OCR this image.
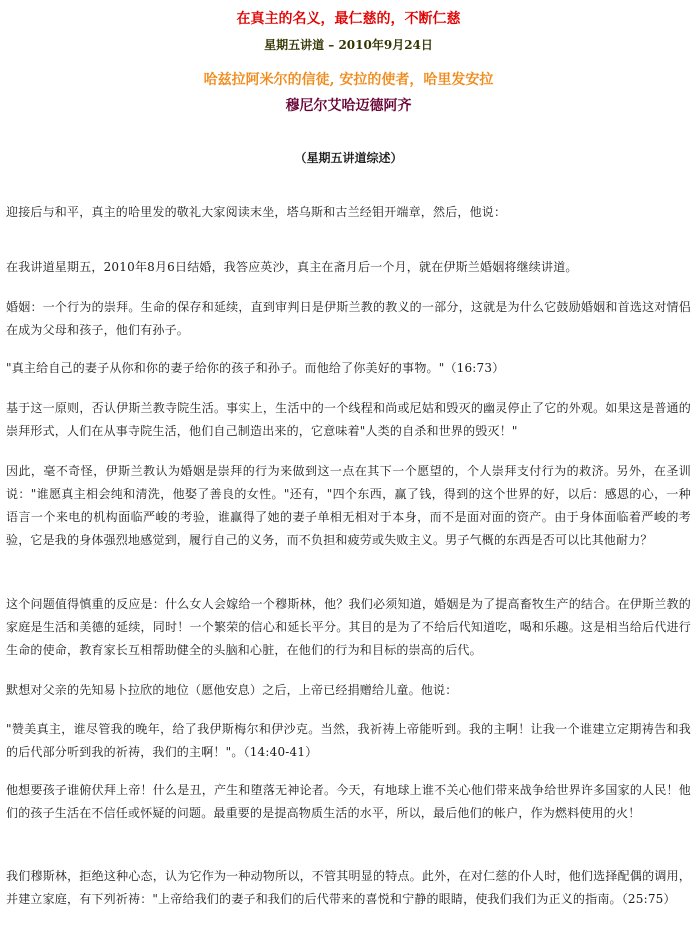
在真主的名义，最仁慈的，不断仁慈
星期五讲道 – 2010年9月24日
哈兹拉阿米尔的信徒, 安拉的使者，哈里发安拉
穆尼尔艾哈迈德阿齐
（星期五讲道综述）

迎接后与和平，真主的哈里发的敬礼大家阅读末坐，塔乌斯和古兰经钼开端章，然后，他说：

在我讲道星期五，2010年8月6日结婚，我答应英沙，真主在斋月后一个月，就在伊斯兰婚姻将继续讲道。

婚姻：一个行为的崇拜。生命的保存和延续，直到审判日是伊斯兰教的教义的一部分，这就是为什么它鼓励婚姻和首选这对情侣在成为父母和孩子，他们有孙子。

"真主给自己的妻子从你和你的妻子给你的孩子和孙子。而他给了你美好的事物。"（16:73）

基于这一原则，否认伊斯兰教寺院生活。事实上，生活中的一个线程和尚或尼姑和毁灭的幽灵停止了它的外观。如果这是普通的崇拜形式，人们在从事寺院生活，他们自己制造出来的，它意味着"人类的自杀和世界的毁灭！"

因此，毫不奇怪，伊斯兰教认为婚姻是崇拜的行为来做到这一点在其下一个愿望的，个人崇拜支付行为的救济。另外，在圣训说："谁愿真主相会纯和清洗，他娶了善良的女性。"还有，"四个东西，赢了钱，得到的这个世界的好，以后：感恩的心，一种语言一个来电的机构面临严峻的考验，谁赢得了她的妻子单相无相对于本身，而不是面对面的资产。由于身体面临着严峻的考验，它是我的身体强烈地感觉到，履行自己的义务，而不负担和疲劳或失败主义。男子气概的东西是否可以比其他耐力？

这个问题值得慎重的反应是：什么女人会嫁给一个穆斯林，他？我们必须知道，婚姻是为了提高畜牧生产的结合。在伊斯兰教的家庭是生活和美德的延续，同时！一个繁荣的信心和延长平分。其目的是为了不给后代知道吃，喝和乐趣。这是相当给后代进行生命的使命，教育家长互相帮助健全的头脑和心脏，在他们的行为和目标的崇高的后代。

默想对父亲的先知易卜拉欣的地位（愿他安息）之后，上帝已经捐赠给儿童。他说：

"赞美真主，谁尽管我的晚年，给了我伊斯梅尔和伊沙克。当然，我祈祷上帝能听到。我的主啊！让我一个谁建立定期祷告和我的后代部分听到我的祈祷，我们的主啊！"。（14:40-41）

他想要孩子谁俯伏拜上帝！什么是丑，产生和堕落无神论者。今天，有地球上谁不关心他们带来战争给世界许多国家的人民！他们的孩子生活在不信任或怀疑的问题。最重要的是提高物质生活的水平，所以，最后他们的帐户，作为燃料使用的火！

我们穆斯林，拒绝这种心态，认为它作为一种动物所以，不管其明显的特点。此外，在对仁慈的仆人时，他们选择配偶的调用，并建立家庭，有下列祈祷："上帝给我们的妻子和我们的后代带来的喜悦和宁静的眼睛，使我们我们为正义的指南。（25:75）
